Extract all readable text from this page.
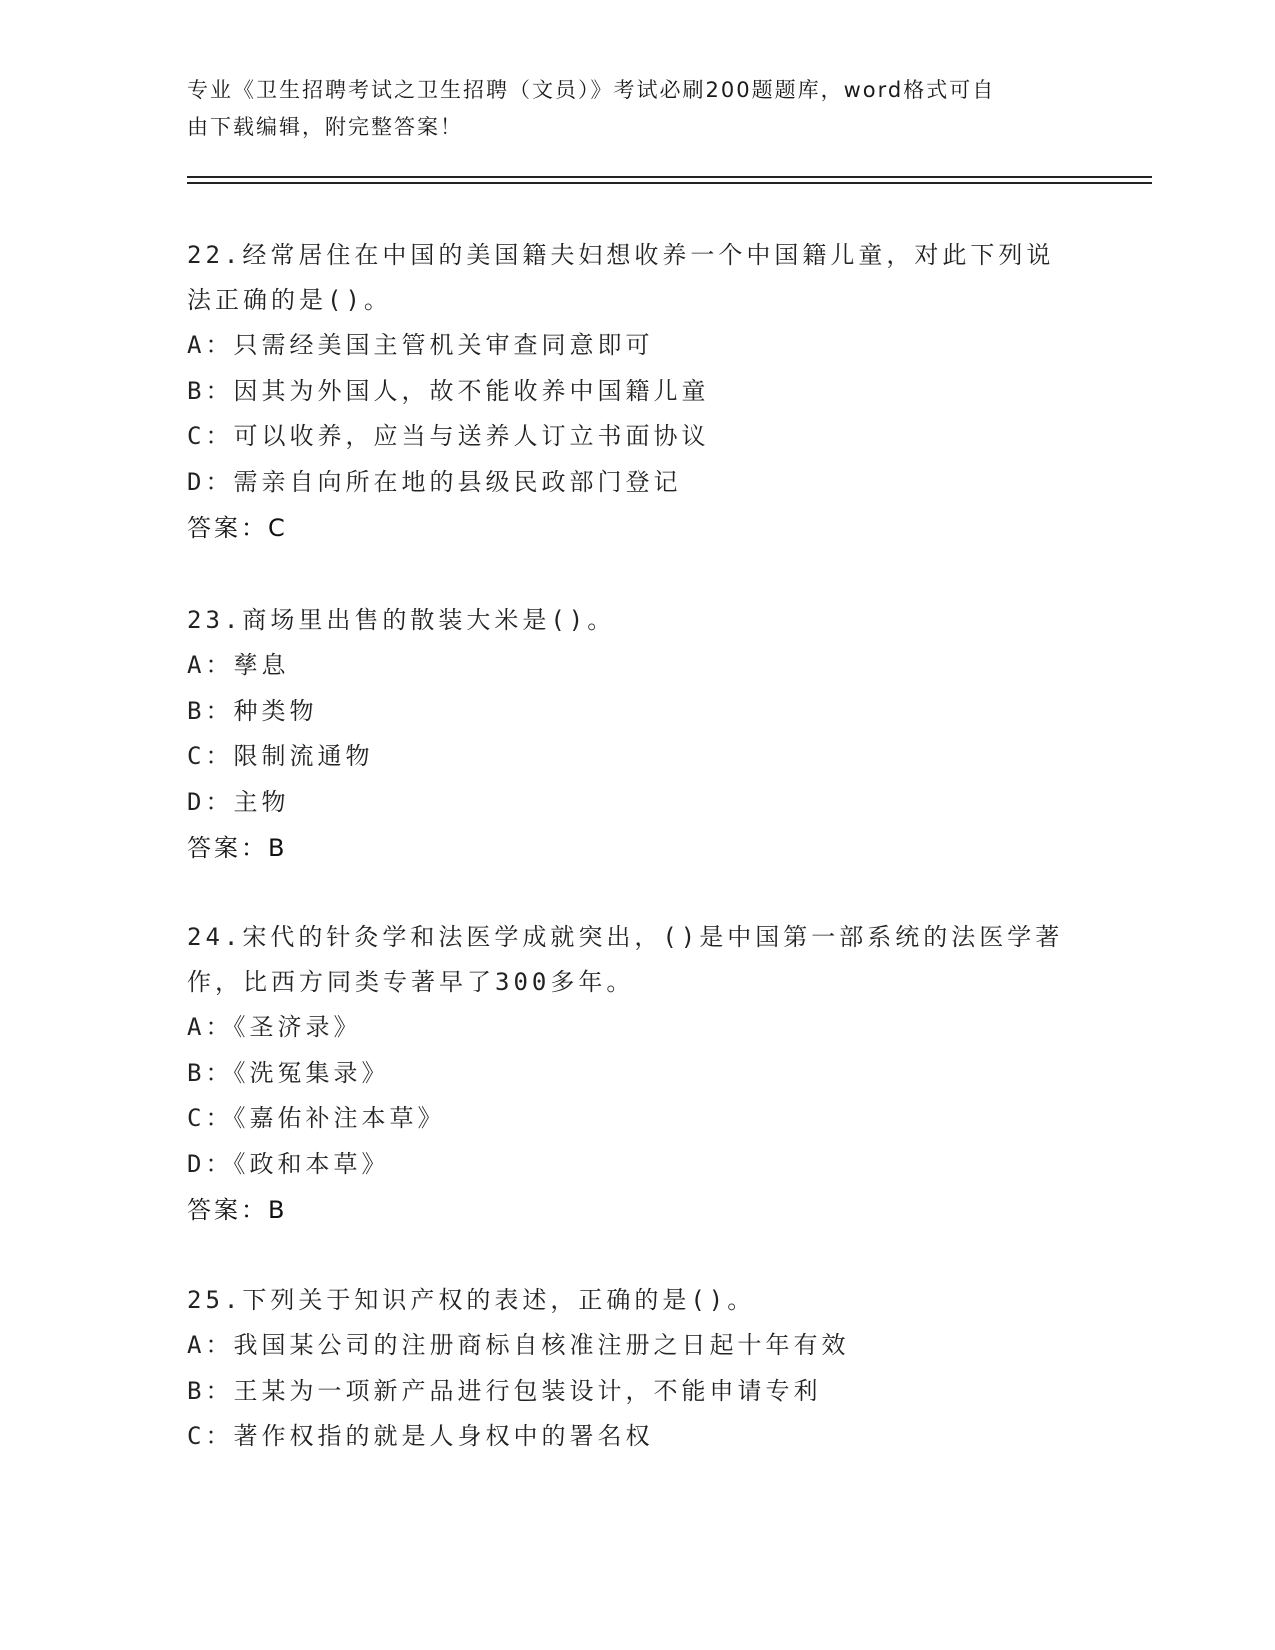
专业《卫生招聘考试之卫生招聘（文员）》考试必刷200题题库，word格式可自
由下载编辑，附完整答案！

22.经常居住在中国的美国籍夫妇想收养一个中国籍儿童，对此下列说

法正确的是()。

A：只需经美国主管机关审查同意即可

B：因其为外国人，故不能收养中国籍儿童

C：可以收养，应当与送养人订立书面协议

D：需亲自向所在地的县级民政部门登记

答案：C

23.商场里出售的散装大米是()。

A：孳息

B：种类物

C：限制流通物

D：主物

答案：B

24.宋代的针灸学和法医学成就突出，()是中国第一部系统的法医学著

作，比西方同类专著早了300多年。

A：《圣济录》

B：《洗冤集录》

C：《嘉佑补注本草》

D：《政和本草》

答案：B

25.下列关于知识产权的表述，正确的是()。

A：我国某公司的注册商标自核准注册之日起十年有效

B：王某为一项新产品进行包装设计，不能申请专利

C：著作权指的就是人身权中的署名权
